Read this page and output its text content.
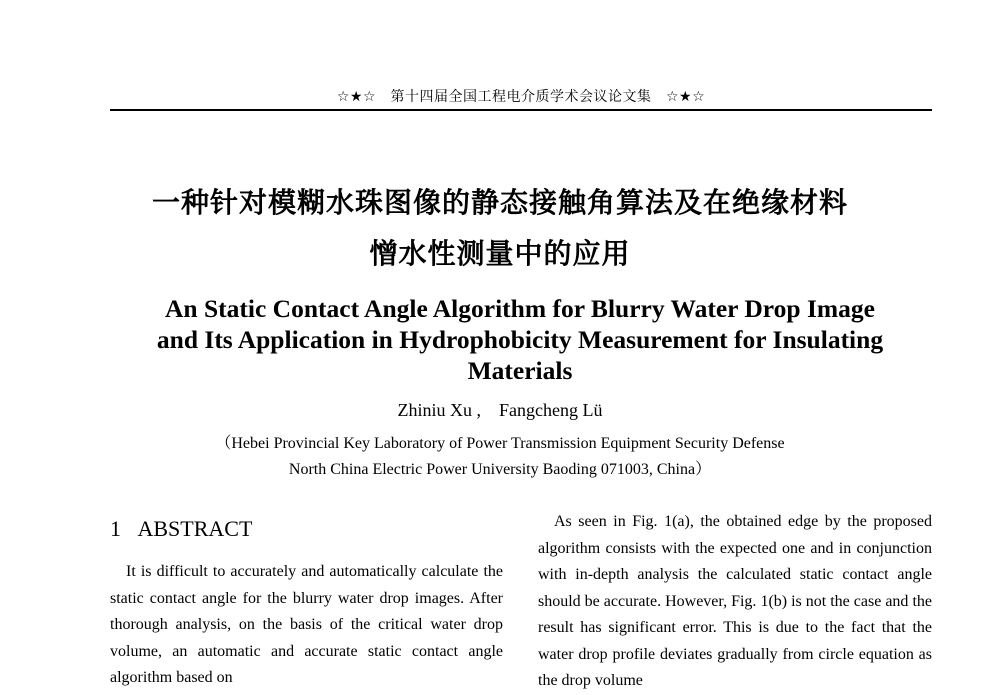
☆★☆　第十四届全国工程电介质学术会议论文集　☆★☆
一种针对模糊水珠图像的静态接触角算法及在绝缘材料
憎水性测量中的应用
An Static Contact Angle Algorithm for Blurry Water Drop Image
and Its Application in Hydrophobicity Measurement for Insulating
Materials
Zhiniu Xu ,    Fangcheng Lü
（Hebei Provincial Key Laboratory of Power Transmission Equipment Security Defense
North China Electric Power University Baoding 071003, China）
1 ABSTRACT

It is difficult to accurately and automatically calculate the static contact angle for the blurry water drop images. After thorough analysis, on the basis of the critical water drop volume, an automatic and accurate static contact angle algorithm based on

As seen in Fig. 1(a), the obtained edge by the proposed algorithm consists with the expected one and in conjunction with in-depth analysis the calculated static contact angle should be accurate. However, Fig. 1(b) is not the case and the result has significant error. This is due to the fact that the water drop profile deviates gradually from circle equation as the drop volume
